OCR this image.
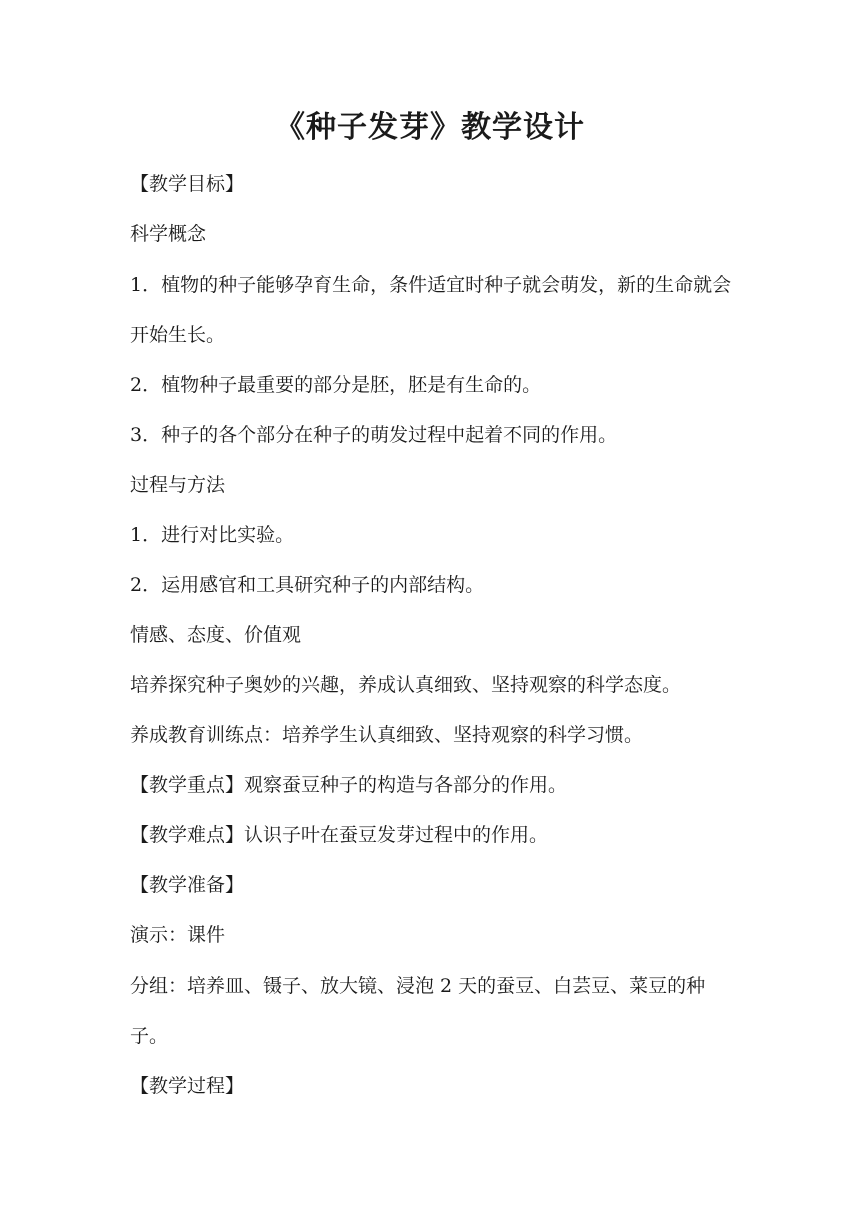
《种子发芽》教学设计

【教学目标】

科学概念

1．植物的种子能够孕育生命，条件适宜时种子就会萌发，新的生命就会开始生长。

2．植物种子最重要的部分是胚，胚是有生命的。

3．种子的各个部分在种子的萌发过程中起着不同的作用。

过程与方法

1．进行对比实验。

2．运用感官和工具研究种子的内部结构。

情感、态度、价值观

培养探究种子奥妙的兴趣，养成认真细致、坚持观察的科学态度。

养成教育训练点：培养学生认真细致、坚持观察的科学习惯。

【教学重点】观察蚕豆种子的构造与各部分的作用。

【教学难点】认识子叶在蚕豆发芽过程中的作用。

【教学准备】

演示：课件

分组：培养皿、镊子、放大镜、浸泡 2 天的蚕豆、白芸豆、菜豆的种子。

【教学过程】
